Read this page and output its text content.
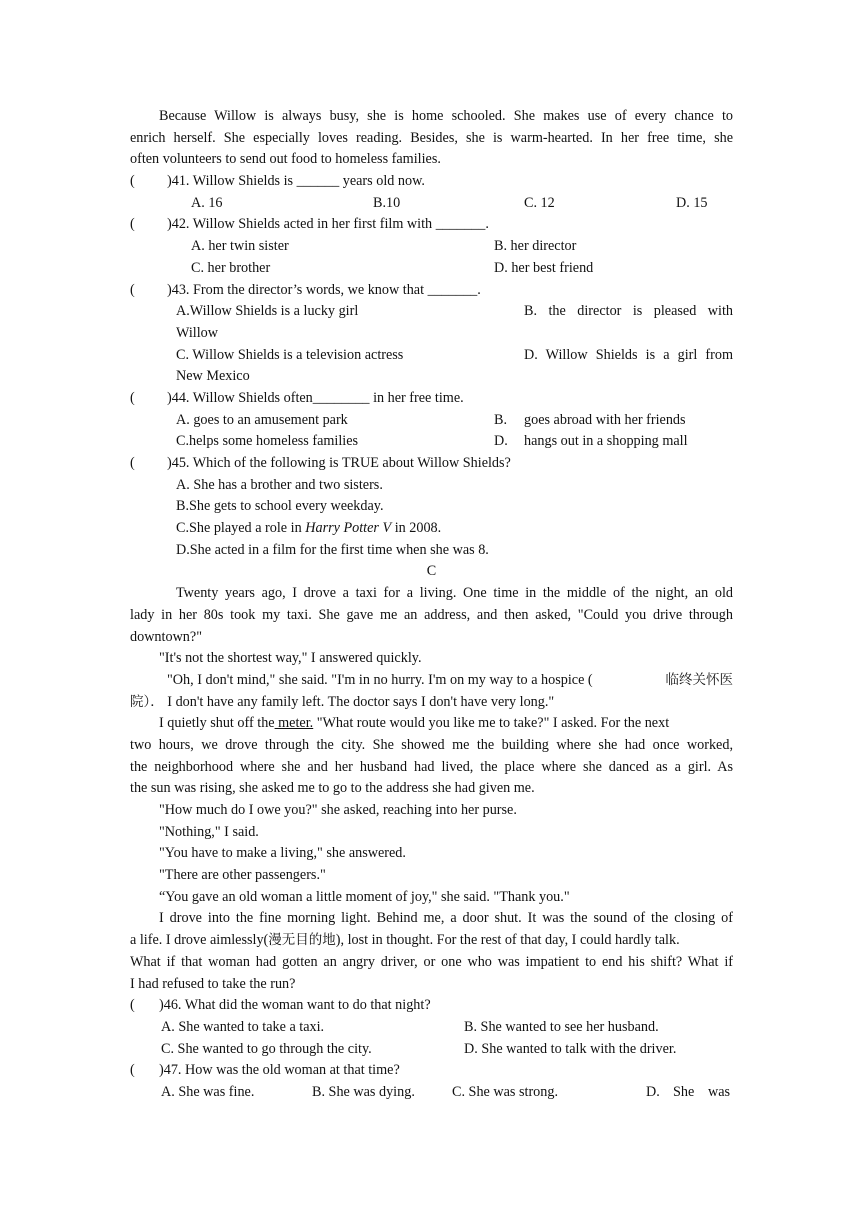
Because Willow is always busy, she is home schooled. She makes use of every chance to
enrich herself. She especially loves reading. Besides, she is warm-hearted. In her free time, she
often volunteers to send out food to homeless families.
( )41. Willow Shields is ______ years old now.
A. 16	B.10	C. 12	D. 15
( )42. Willow Shields acted in her first film with _______.
A. her twin sister	B. her director
C. her brother	D. her best friend
( )43. From the director’s words, we know that _______.
A.Willow Shields is a lucky girl	B. the director is pleased with
Willow
C. Willow Shields is a television actress	D. Willow Shields is a girl from
New Mexico
( )44. Willow Shields often________ in her free time.
A. goes to an amusement park	B. goes abroad with her friends
C.helps some homeless families	D. hangs out in a shopping mall
( )45. Which of the following is TRUE about Willow Shields?
A. She has a brother and two sisters.
B.She gets to school every weekday.
C.She played a role in Harry Potter V in 2008.
D.She acted in a film for the first time when she was 8.
C
Twenty years ago, I drove a taxi for a living. One time in the middle of the night, an old
lady in her 80s took my taxi. She gave me an address, and then asked, "Could you drive through
downtown?"
"It's not the shortest way," I answered quickly.
"Oh, I don't mind," she said. "I'm in no hurry. I'm on my way to a hospice (	临终关怀医
院）． I don't have any family left. The doctor says I don't have very long."
I quietly shut off the meter. "What route would you like me to take?" I asked. For the next
two hours, we drove through the city. She showed me the building where she had once worked,
the neighborhood where she and her husband had lived, the place where she danced as a girl. As
the sun was rising, she asked me to go to the address she had given me.
"How much do I owe you?" she asked, reaching into her purse.
"Nothing," I said.
"You have to make a living," she answered.
"There are other passengers."
“You gave an old woman a little moment of joy," she said. "Thank you."
I drove into the fine morning light. Behind me, a door shut. It was the sound of the closing of
a life. I drove aimlessly(漫无目的地), lost in thought. For the rest of that day, I could hardly talk.
What if that woman had gotten an angry driver, or one who was impatient to end his shift? What if
I had refused to take the run?
( )46. What did the woman want to do that night?
A. She wanted to take a taxi.	B. She wanted to see her husband.
C. She wanted to go through the city.	D. She wanted to talk with the driver.
( )47. How was the old woman at that time?
A. She was fine.	B. She was dying.	C. She was strong.	D. She was
